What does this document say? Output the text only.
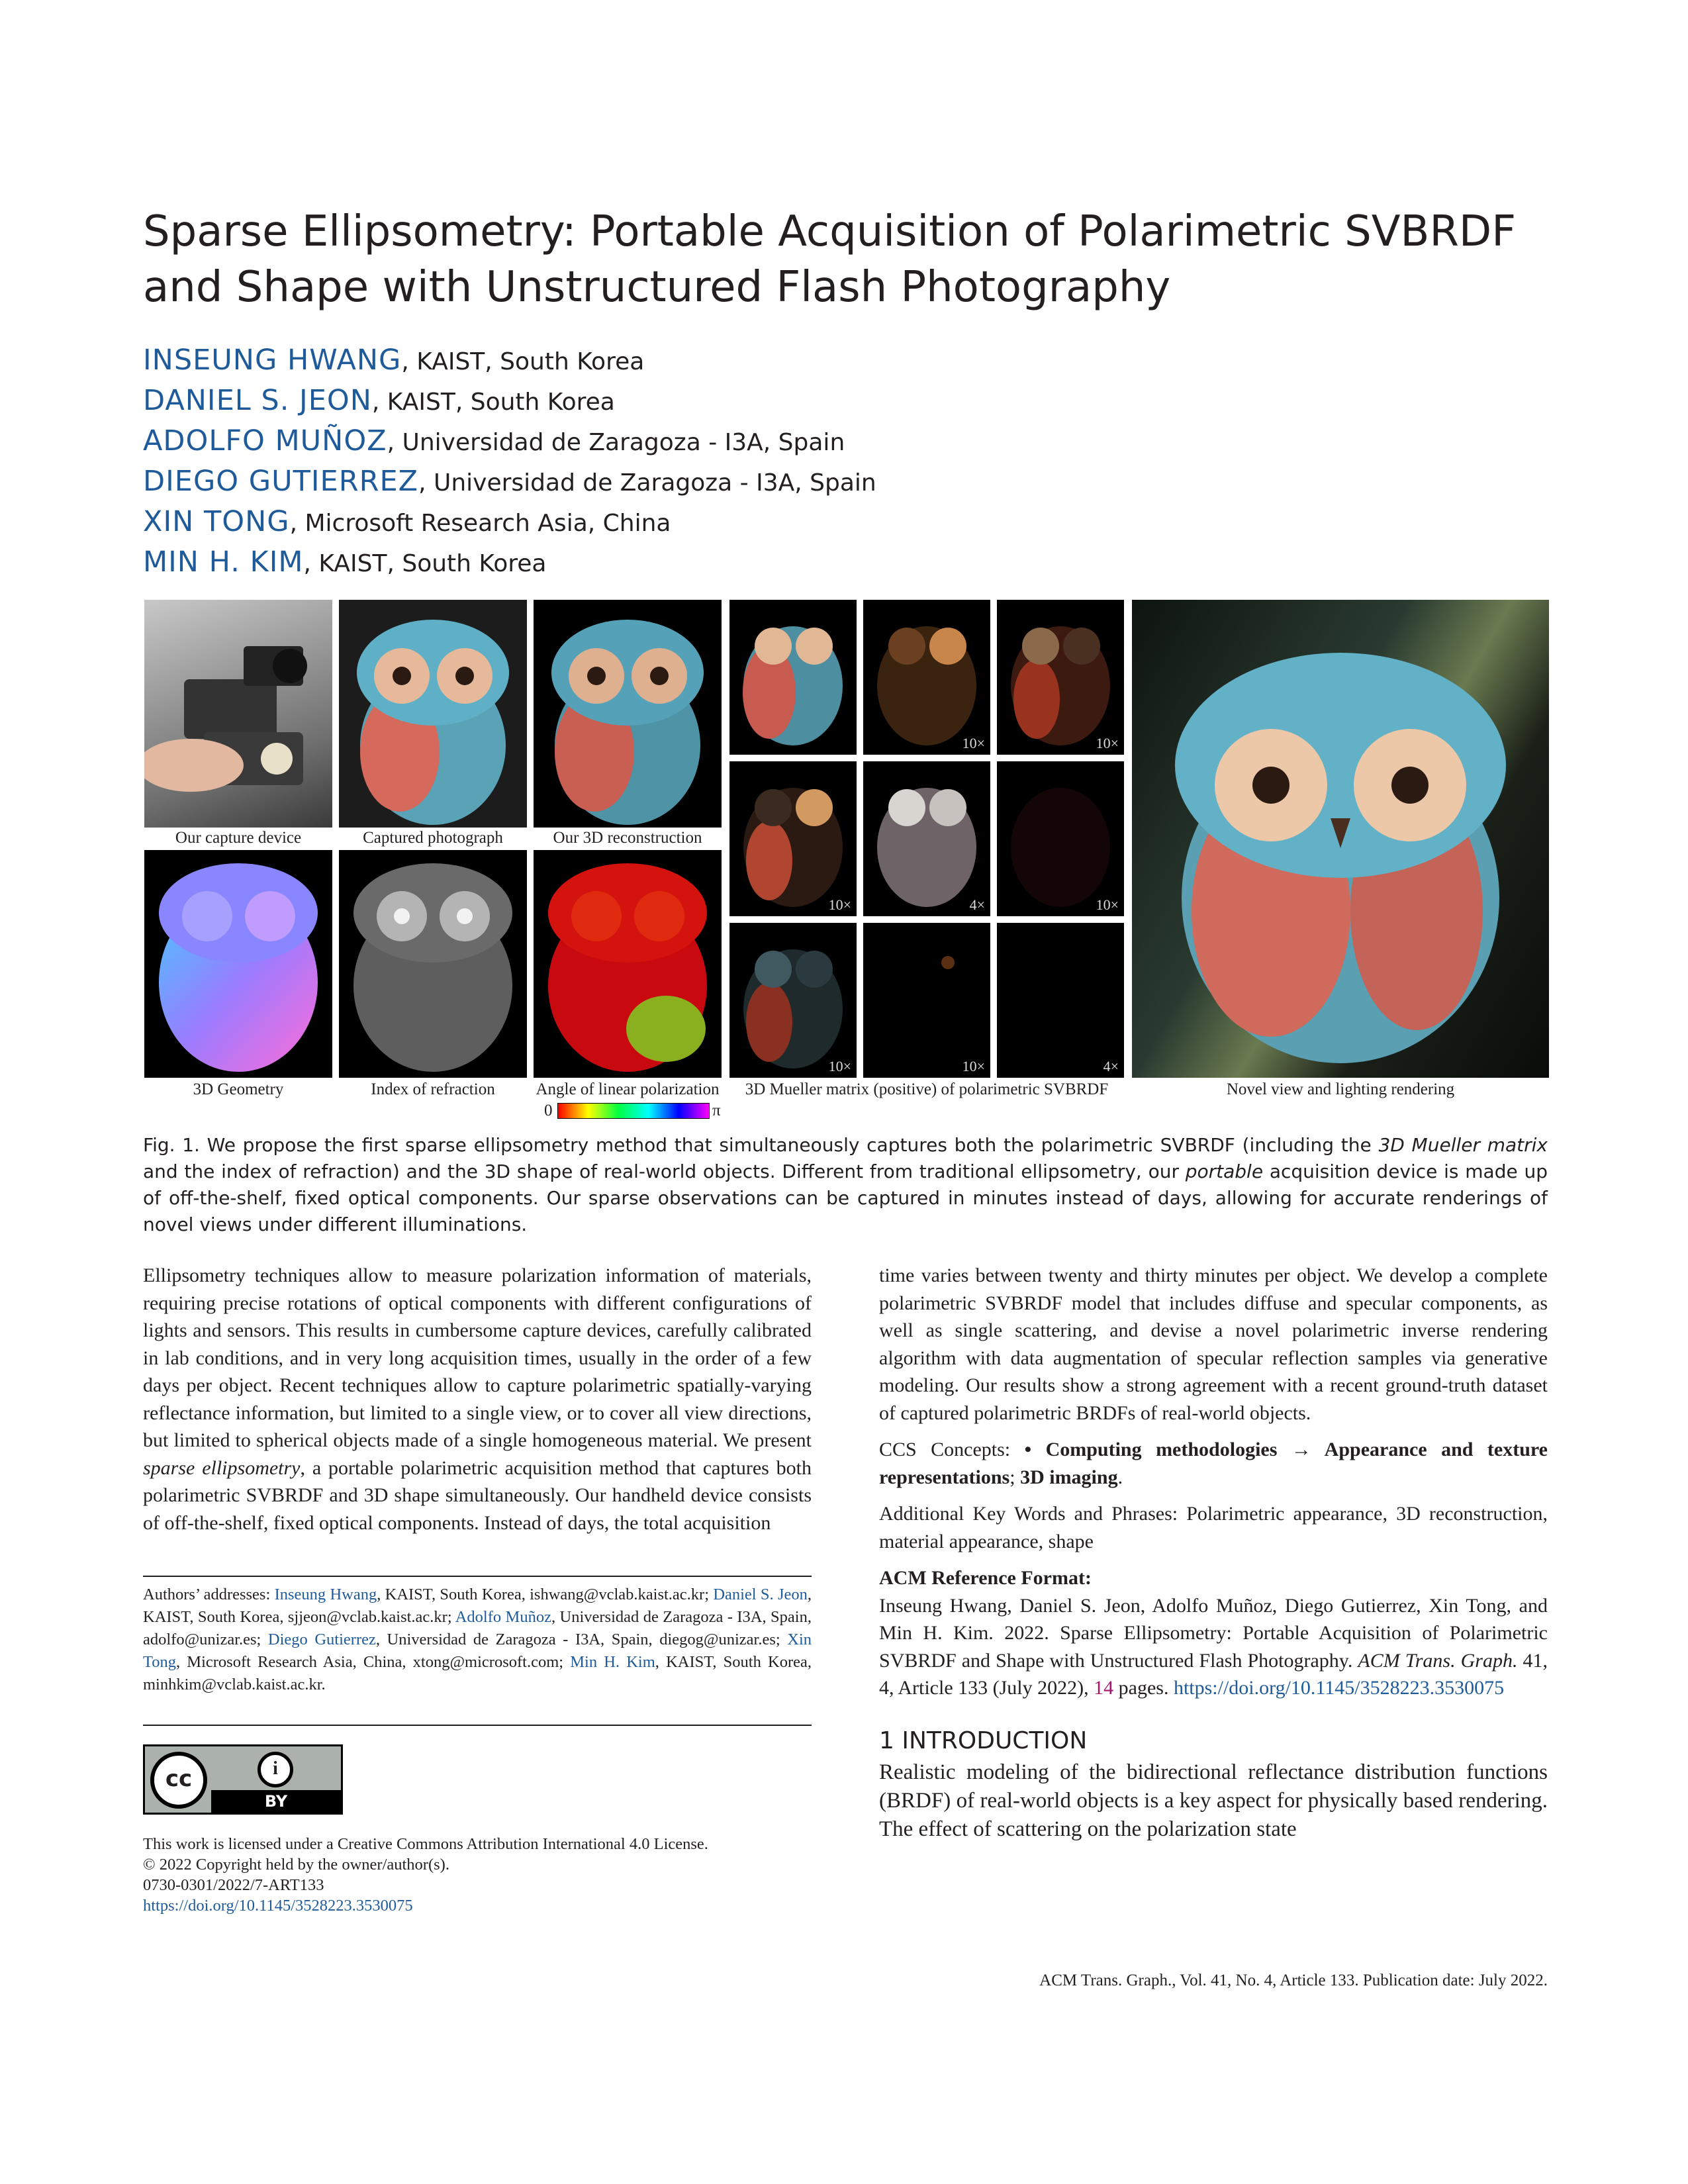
Sparse Ellipsometry: Portable Acquisition of Polarimetric SVBRDF and Shape with Unstructured Flash Photography
INSEUNG HWANG, KAIST, South Korea
DANIEL S. JEON, KAIST, South Korea
ADOLFO MUÑOZ, Universidad de Zaragoza - I3A, Spain
DIEGO GUTIERREZ, Universidad de Zaragoza - I3A, Spain
XIN TONG, Microsoft Research Asia, China
MIN H. KIM, KAIST, South Korea
Our capture device	Captured photograph	Our 3D reconstruction
10×	10×
10×	4×	10×
10×	10×	4×
3D Geometry	Index of refraction	Angle of linear polarization
0	π
3D Mueller matrix (positive) of polarimetric SVBRDF	Novel view and lighting rendering
Fig. 1. We propose the first sparse ellipsometry method that simultaneously captures both the polarimetric SVBRDF (including the 3D Mueller matrix and the index of refraction) and the 3D shape of real-world objects. Different from traditional ellipsometry, our portable acquisition device is made up of off-the-shelf, fixed optical components. Our sparse observations can be captured in minutes instead of days, allowing for accurate renderings of novel views under different illuminations.

Ellipsometry techniques allow to measure polarization information of materials, requiring precise rotations of optical components with different configurations of lights and sensors. This results in cumbersome capture devices, carefully calibrated in lab conditions, and in very long acquisition times, usually in the order of a few days per object. Recent techniques allow to capture polarimetric spatially-varying reflectance information, but limited to a single view, or to cover all view directions, but limited to spherical objects made of a single homogeneous material. We present sparse ellipsometry, a portable polarimetric acquisition method that captures both polarimetric SVBRDF and 3D shape simultaneously. Our handheld device consists of off-the-shelf, fixed optical components. Instead of days, the total acquisition

Authors’ addresses: Inseung Hwang, KAIST, South Korea, ishwang@vclab.kaist.ac.kr; Daniel S. Jeon, KAIST, South Korea, sjjeon@vclab.kaist.ac.kr; Adolfo Muñoz, Universidad de Zaragoza - I3A, Spain, adolfo@unizar.es; Diego Gutierrez, Universidad de Zaragoza - I3A, Spain, diegog@unizar.es; Xin Tong, Microsoft Research Asia, China, xtong@microsoft.com; Min H. Kim, KAIST, South Korea, minhkim@vclab.kaist.ac.kr.
cc	i
BY
This work is licensed under a Creative Commons Attribution International 4.0 License.
© 2022 Copyright held by the owner/author(s).
0730-0301/2022/7-ART133
https://doi.org/10.1145/3528223.3530075

time varies between twenty and thirty minutes per object. We develop a complete polarimetric SVBRDF model that includes diffuse and specular components, as well as single scattering, and devise a novel polarimetric inverse rendering algorithm with data augmentation of specular reflection samples via generative modeling. Our results show a strong agreement with a recent ground-truth dataset of captured polarimetric BRDFs of real-world objects.

CCS Concepts: • Computing methodologies → Appearance and texture representations; 3D imaging.

Additional Key Words and Phrases: Polarimetric appearance, 3D reconstruction, material appearance, shape

ACM Reference Format:

Inseung Hwang, Daniel S. Jeon, Adolfo Muñoz, Diego Gutierrez, Xin Tong, and Min H. Kim. 2022. Sparse Ellipsometry: Portable Acquisition of Polarimetric SVBRDF and Shape with Unstructured Flash Photography. ACM Trans. Graph. 41, 4, Article 133 (July 2022), 14 pages. https://doi.org/10.1145/3528223.3530075

1 INTRODUCTION

Realistic modeling of the bidirectional reflectance distribution functions (BRDF) of real-world objects is a key aspect for physically based rendering. The effect of scattering on the polarization state

ACM Trans. Graph., Vol. 41, No. 4, Article 133. Publication date: July 2022.
